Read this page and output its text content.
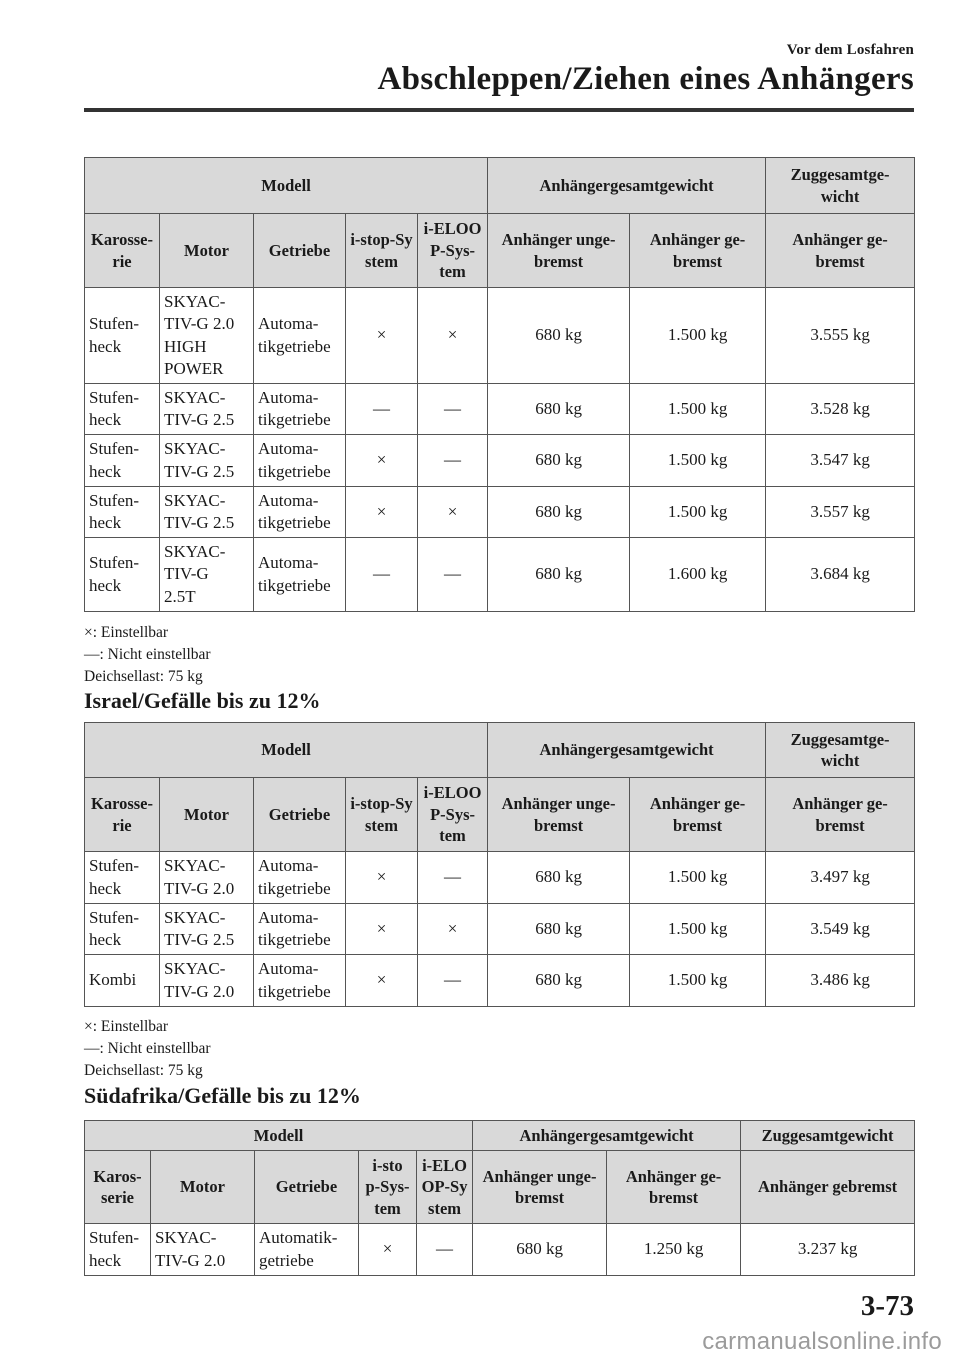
Vor dem Losfahren
Abschleppen/Ziehen eines Anhängers
Modell					Anhängergesamtgewicht		Zuggesamtge-
wicht
Karosse-
rie	Motor	Getriebe	i-stop-Sy
stem	i-ELOO
P-Sys-
tem	Anhänger unge-
bremst	Anhänger ge-
bremst	Anhänger ge-
bremst
Stufen-
heck	SKYAC-
TIV-G 2.0
HIGH
POWER	Automa-
tikgetriebe	×	×	680 kg	1.500 kg	3.555 kg
Stufen-
heck	SKYAC-
TIV-G 2.5	Automa-
tikgetriebe	―	―	680 kg	1.500 kg	3.528 kg
Stufen-
heck	SKYAC-
TIV-G 2.5	Automa-
tikgetriebe	×	―	680 kg	1.500 kg	3.547 kg
Stufen-
heck	SKYAC-
TIV-G 2.5	Automa-
tikgetriebe	×	×	680 kg	1.500 kg	3.557 kg
Stufen-
heck	SKYAC-
TIV-G
2.5T	Automa-
tikgetriebe	―	―	680 kg	1.600 kg	3.684 kg
×: Einstellbar
―: Nicht einstellbar
Deichsellast: 75 kg
Israel/Gefälle bis zu 12%
Modell					Anhängergesamtgewicht		Zuggesamtge-
wicht
Karosse-
rie	Motor	Getriebe	i-stop-Sy
stem	i-ELOO
P-Sys-
tem	Anhänger unge-
bremst	Anhänger ge-
bremst	Anhänger ge-
bremst
Stufen-
heck	SKYAC-
TIV-G 2.0	Automa-
tikgetriebe	×	―	680 kg	1.500 kg	3.497 kg
Stufen-
heck	SKYAC-
TIV-G 2.5	Automa-
tikgetriebe	×	×	680 kg	1.500 kg	3.549 kg
Kombi	SKYAC-
TIV-G 2.0	Automa-
tikgetriebe	×	―	680 kg	1.500 kg	3.486 kg
×: Einstellbar
―: Nicht einstellbar
Deichsellast: 75 kg
Südafrika/Gefälle bis zu 12%
Modell					Anhängergesamtgewicht		Zuggesamtgewicht
Karos-
serie	Motor	Getriebe	i-sto
p-Sys-
tem	i-ELO
OP-Sy
stem	Anhänger unge-
bremst	Anhänger ge-
bremst	Anhänger gebremst
Stufen-
heck	SKYAC-
TIV-G 2.0	Automatik-
getriebe	×	―	680 kg	1.250 kg	3.237 kg
3-73
carmanualsonline.info
